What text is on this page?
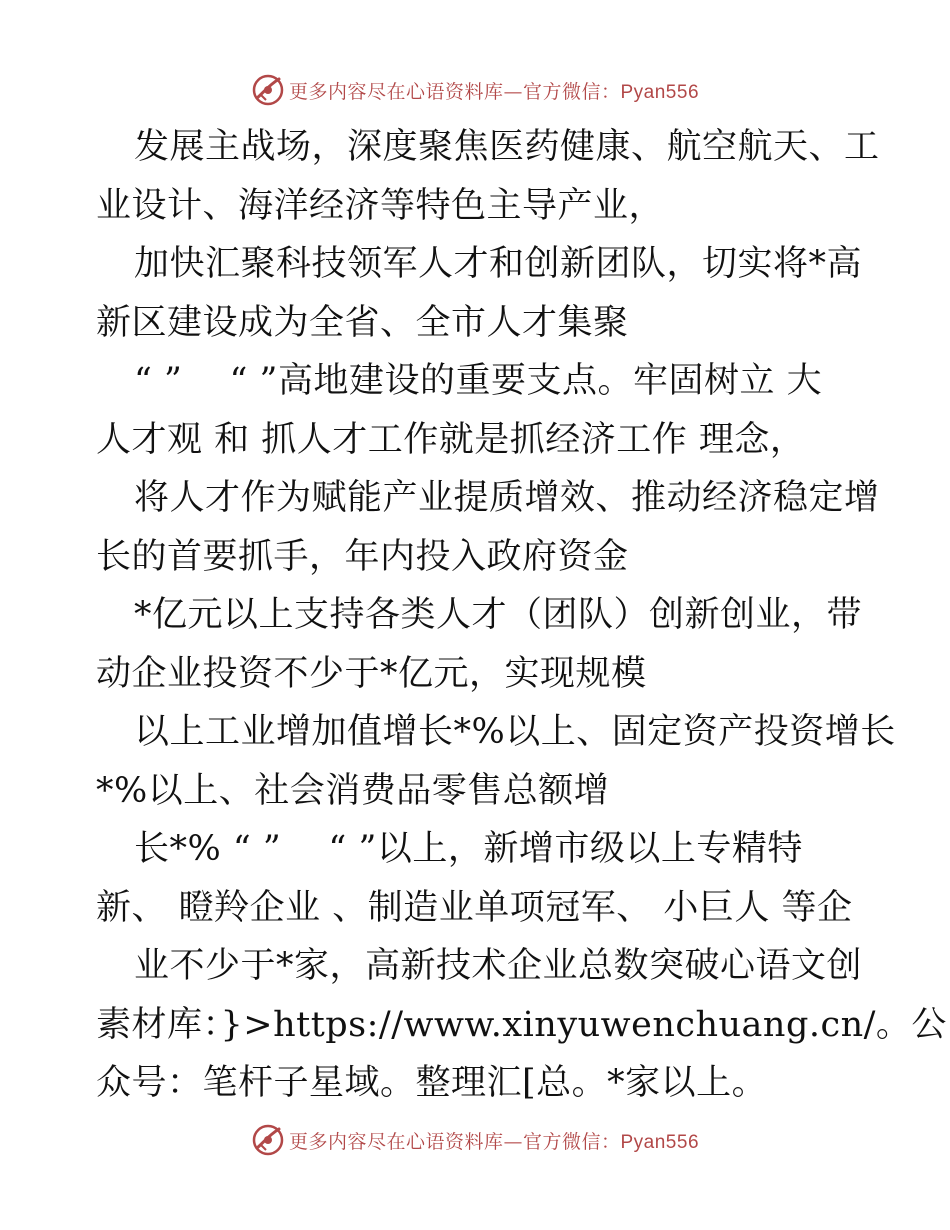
更多内容尽在心语资料库—官方微信：Pyan556
发展主战场，深度聚焦医药健康、航空航天、工
业设计、海洋经济等特色主导产业，
加快汇聚科技领军人才和创新团队，切实将*高
新区建设成为全省、全市人才集聚
“ ”　 “ ”高地建设的重要支点。牢固树立 大
人才观 和 抓人才工作就是抓经济工作 理念，
将人才作为赋能产业提质增效、推动经济稳定增
长的首要抓手，年内投入政府资金
*亿元以上支持各类人才（团队）创新创业，带
动企业投资不少于*亿元，实现规模
以上工业增加值增长*%以上、固定资产投资增长
*%以上、社会消费品零售总额增
长*% “ ”　 “ ”以上，新增市级以上专精特
新、 瞪羚企业 、制造业单项冠军、 小巨人 等企
业不少于*家，高新技术企业总数突破心语文创
素材库：}>https://www.xinyuwenchuang.cn/。公
众号：笔杆子星域。整理汇[总。*家以上。
更多内容尽在心语资料库—官方微信：Pyan556
